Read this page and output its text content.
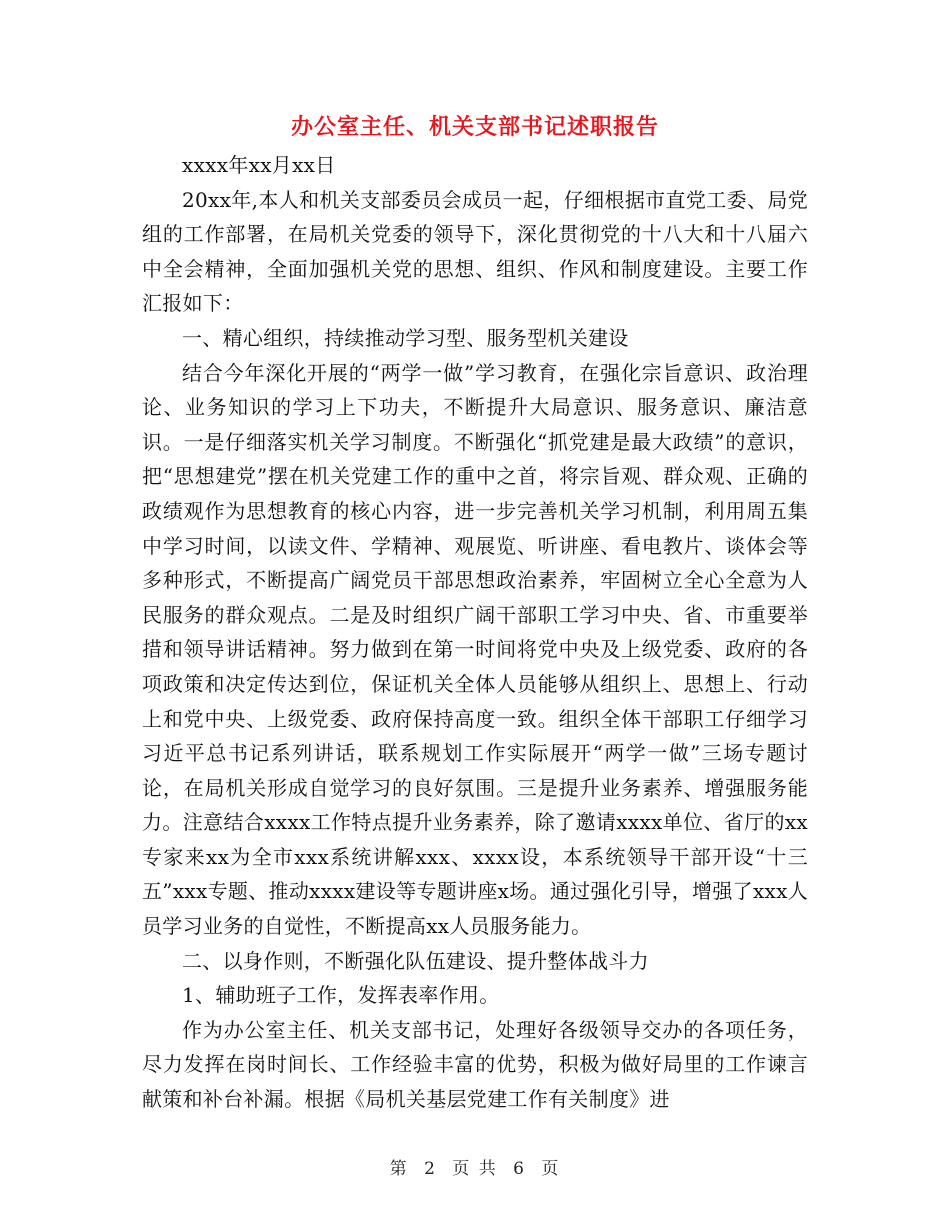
办公室主任、机关支部书记述职报告

xxxx年xx月xx日

20xx年,本人和机关支部委员会成员一起，仔细根据市直党工委、局党组的工作部署，在局机关党委的领导下，深化贯彻党的十八大和十八届六中全会精神，全面加强机关党的思想、组织、作风和制度建设。主要工作汇报如下：

一、精心组织，持续推动学习型、服务型机关建设

结合今年深化开展的“两学一做”学习教育，在强化宗旨意识、政治理论、业务知识的学习上下功夫，不断提升大局意识、服务意识、廉洁意识。一是仔细落实机关学习制度。不断强化“抓党建是最大政绩”的意识，把“思想建党”摆在机关党建工作的重中之首，将宗旨观、群众观、正确的政绩观作为思想教育的核心内容，进一步完善机关学习机制，利用周五集中学习时间，以读文件、学精神、观展览、听讲座、看电教片、谈体会等多种形式，不断提高广阔党员干部思想政治素养，牢固树立全心全意为人民服务的群众观点。二是及时组织广阔干部职工学习中央、省、市重要举措和领导讲话精神。努力做到在第一时间将党中央及上级党委、政府的各项政策和决定传达到位，保证机关全体人员能够从组织上、思想上、行动上和党中央、上级党委、政府保持高度一致。组织全体干部职工仔细学习习近平总书记系列讲话，联系规划工作实际展开“两学一做”三场专题讨论，在局机关形成自觉学习的良好氛围。三是提升业务素养、增强服务能力。注意结合xxxx工作特点提升业务素养，除了邀请xxxx单位、省厅的xx专家来xx为全市xxx系统讲解xxx、xxxx设，本系统领导干部开设“十三五”xxx专题、推动xxxx建设等专题讲座x场。通过强化引导，增强了xxx人员学习业务的自觉性，不断提高xx人员服务能力。

二、以身作则，不断强化队伍建设、提升整体战斗力

1、辅助班子工作，发挥表率作用。

作为办公室主任、机关支部书记，处理好各级领导交办的各项任务，尽力发挥在岗时间长、工作经验丰富的优势，积极为做好局里的工作谏言献策和补台补漏。根据《局机关基层党建工作有关制度》进

第 2 页 共 6 页
